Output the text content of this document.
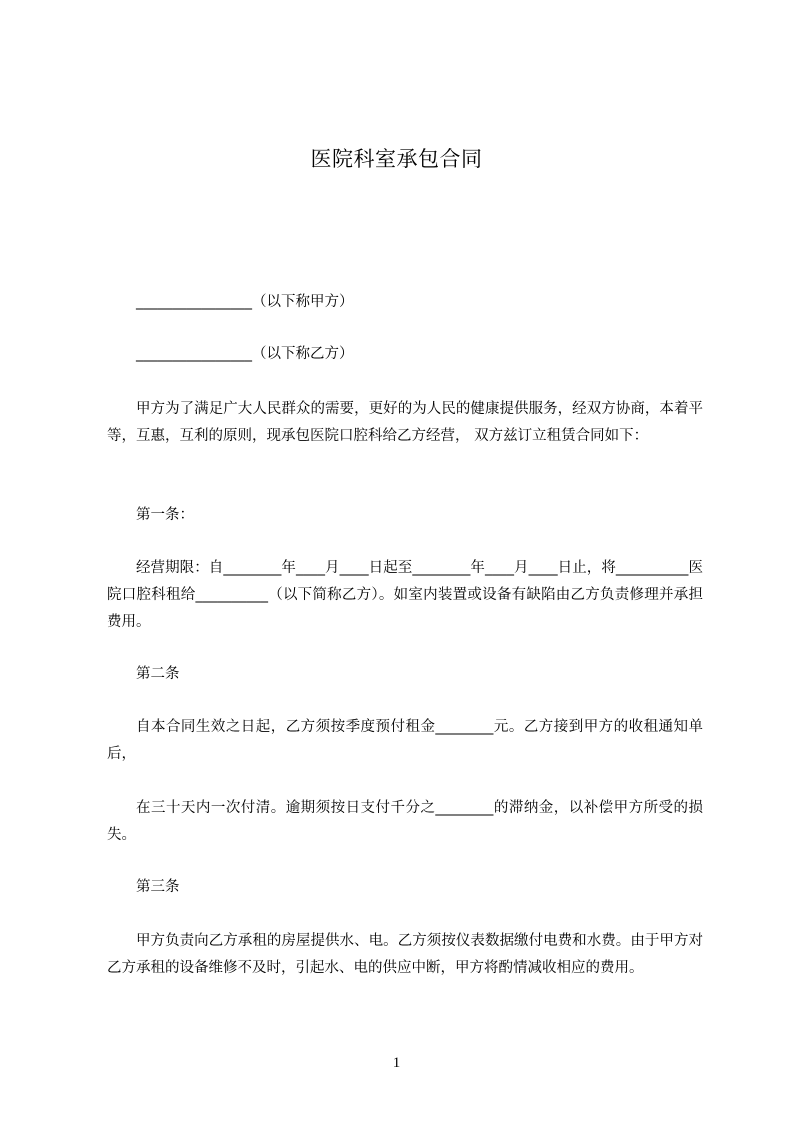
医院科室承包合同
________________（以下称甲方）
________________（以下称乙方）
甲方为了满足广大人民群众的需要，更好的为人民的健康提供服务，经双方协商，本着平等，互惠，互利的原则，现承包医院口腔科给乙方经营， 双方兹订立租赁合同如下：
第一条：
经营期限：自________年____月____日起至________年____月____日止，将__________医院口腔科租给__________（以下简称乙方）。如室内装置或设备有缺陷由乙方负责修理并承担费用。
第二条
自本合同生效之日起，乙方须按季度预付租金________元。乙方接到甲方的收租通知单后，
在三十天内一次付清。逾期须按日支付千分之________的滞纳金，以补偿甲方所受的损失。
第三条
甲方负责向乙方承租的房屋提供水、电。乙方须按仪表数据缴付电费和水费。由于甲方对乙方承租的设备维修不及时，引起水、电的供应中断，甲方将酌情减收相应的费用。
1
